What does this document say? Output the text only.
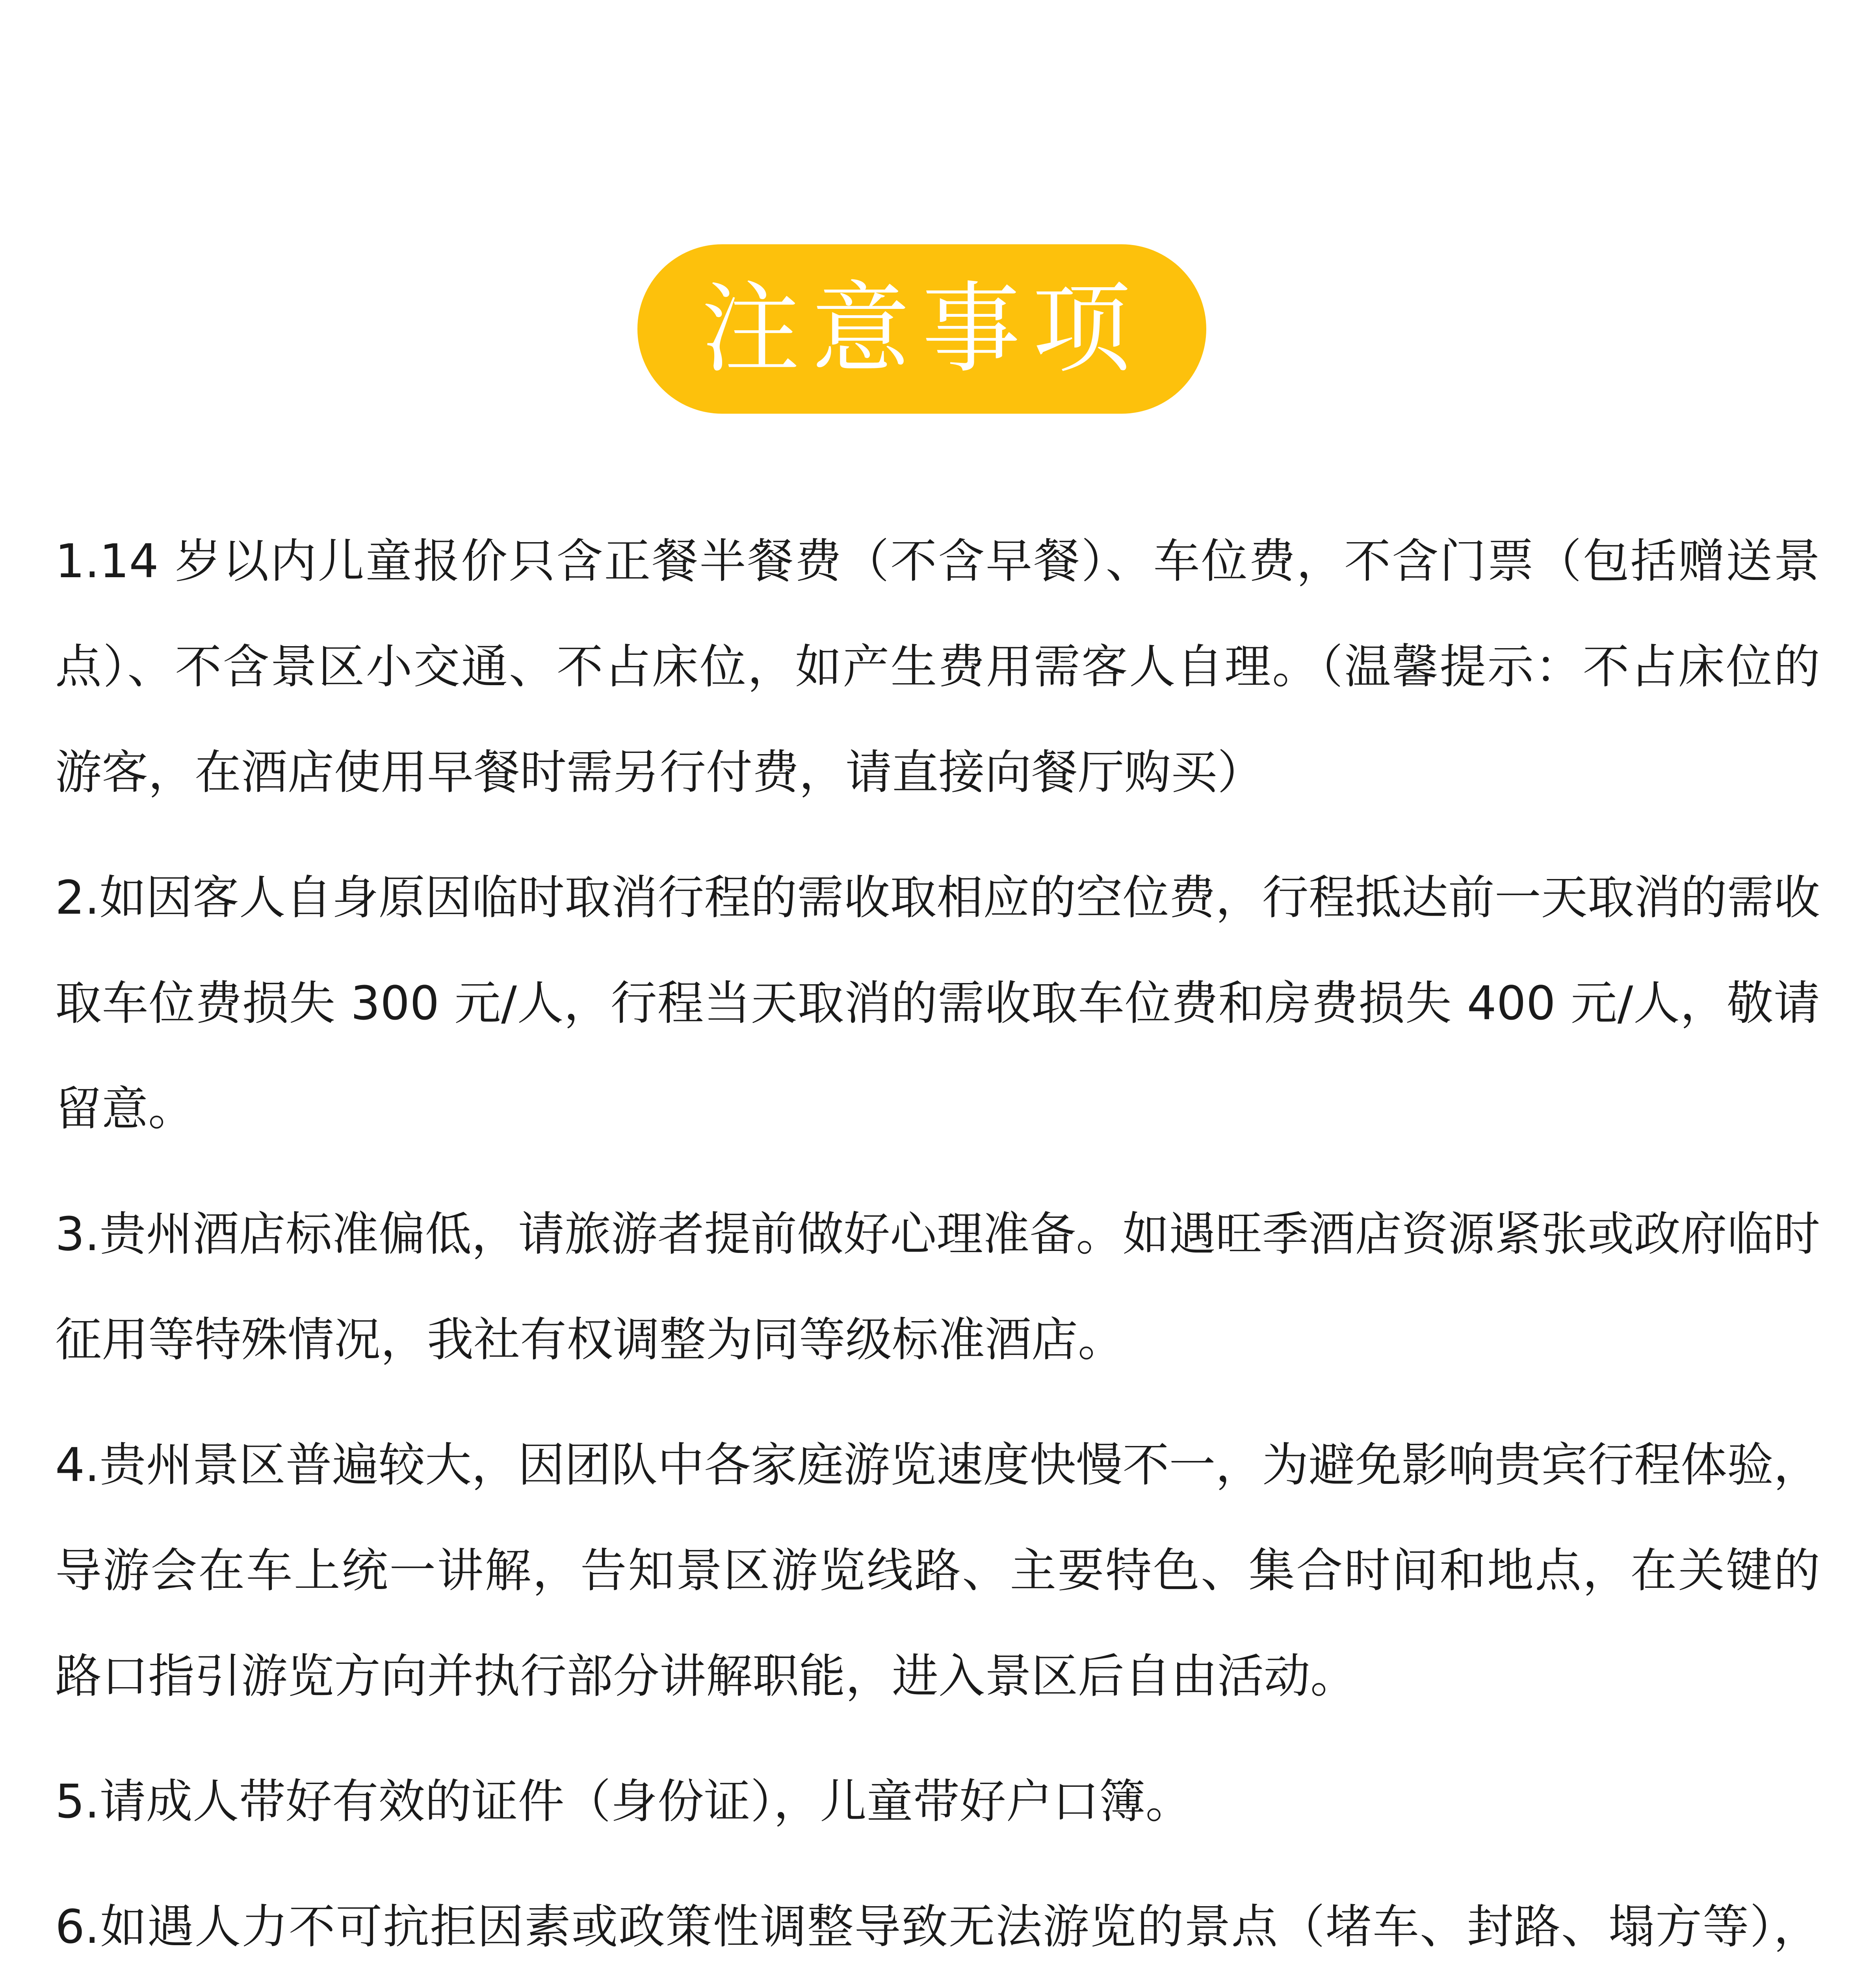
注意事项

1.14 岁以内儿童报价只含正餐半餐费（不含早餐）、车位费，不含门票（包括赠送景点）、不含景区小交通、不占床位，如产生费用需客人自理。（温馨提示：不占床位的游客，在酒店使用早餐时需另行付费，请直接向餐厅购买）

2.如因客人自身原因临时取消行程的需收取相应的空位费，行程抵达前一天取消的需收取车位费损失 300 元/人，行程当天取消的需收取车位费和房费损失 400 元/人，敬请留意。

3.贵州酒店标准偏低，请旅游者提前做好心理准备。如遇旺季酒店资源紧张或政府临时征用等特殊情况，我社有权调整为同等级标准酒店。

4.贵州景区普遍较大，因团队中各家庭游览速度快慢不一，为避免影响贵宾行程体验，导游会在车上统一讲解，告知景区游览线路、主要特色、集合时间和地点，在关键的路口指引游览方向并执行部分讲解职能，进入景区后自由活动。

5.请成人带好有效的证件（身份证），儿童带好户口簿。

6.如遇人力不可抗拒因素或政策性调整导致无法游览的景点（堵车、封路、塌方等），
